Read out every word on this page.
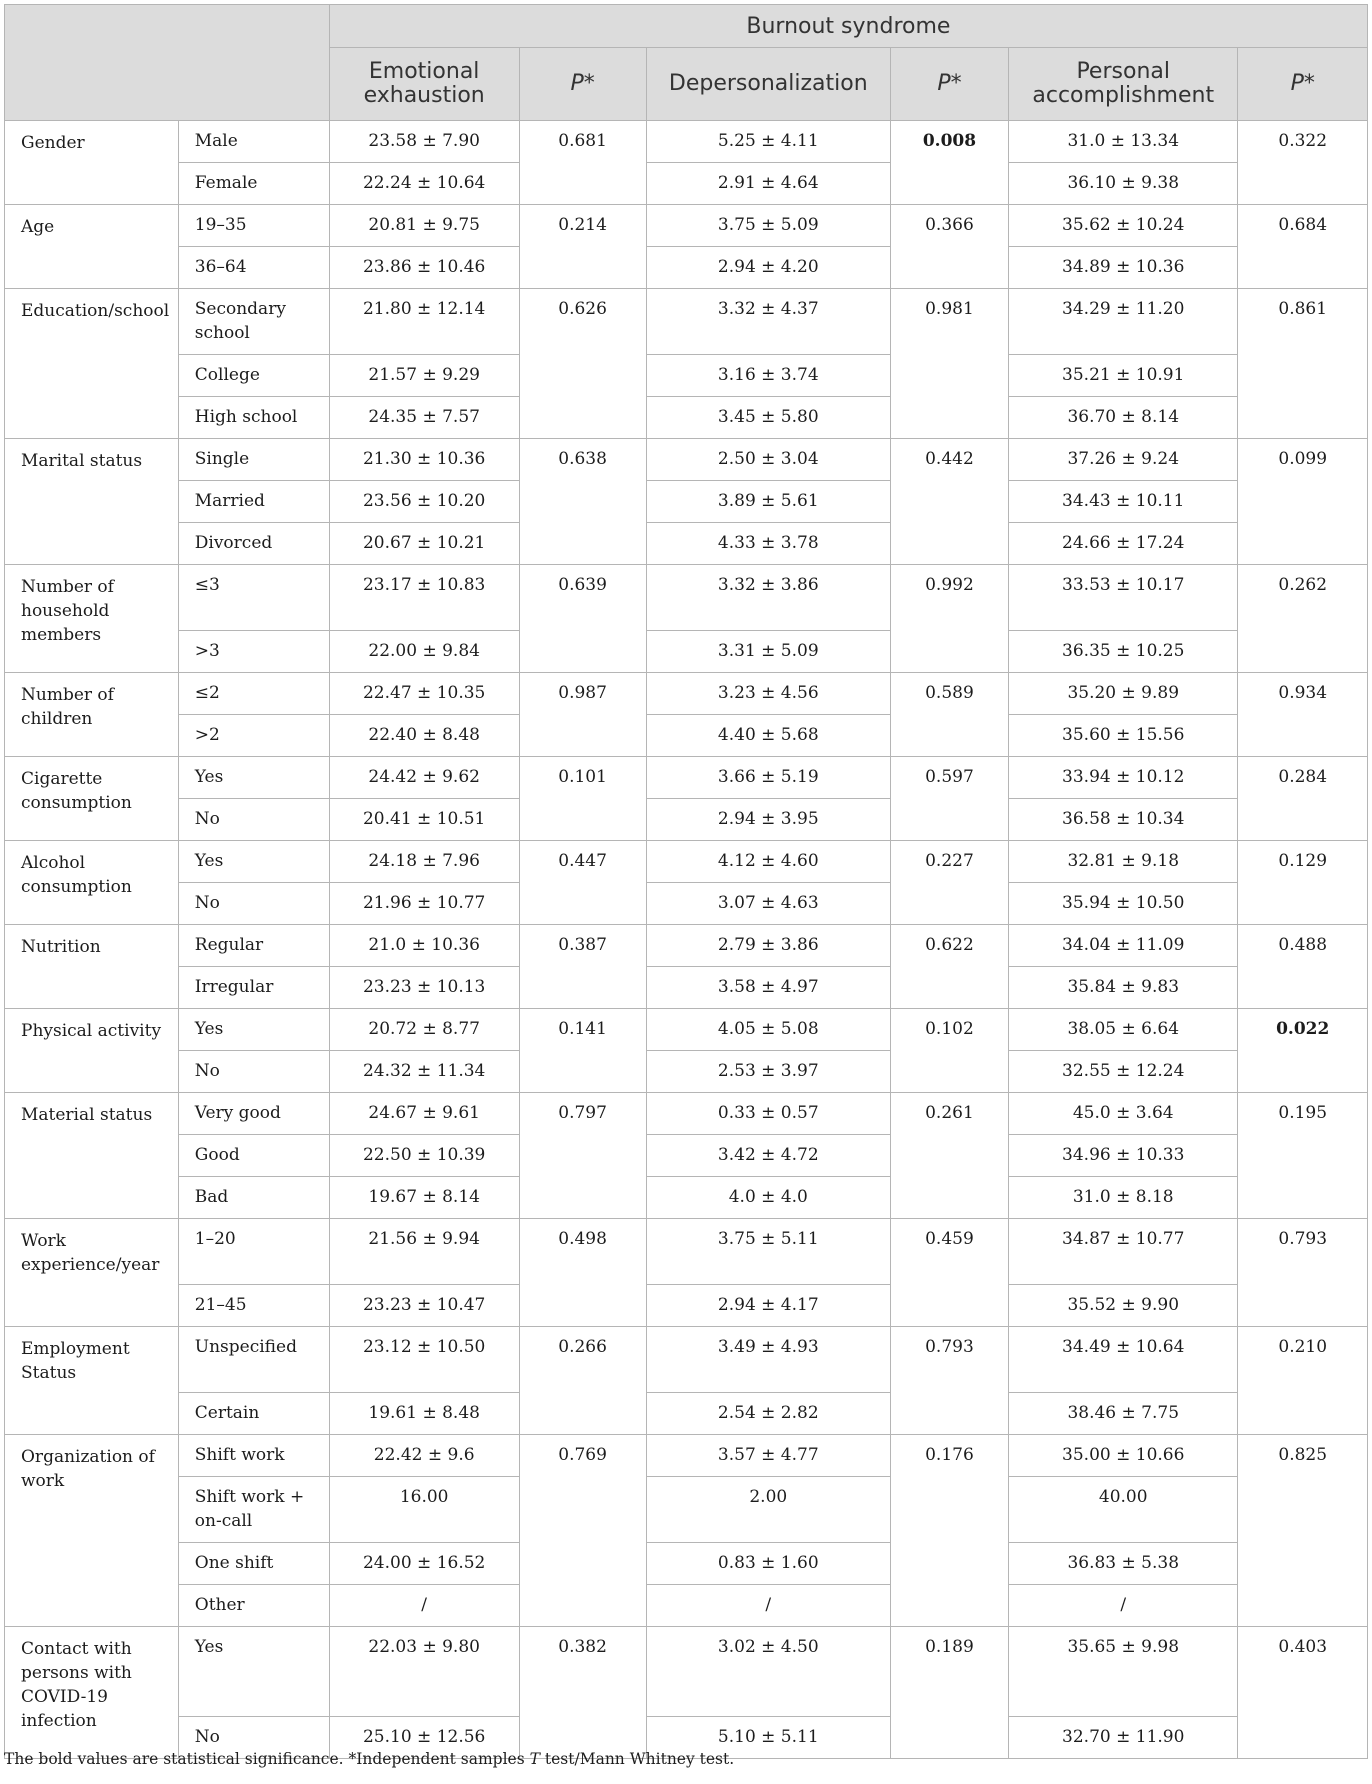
		Burnout syndrome					
		Emotional exhaustion	P*	Depersonalization	P*	Personal accomplishment	P*
Gender	Male	23.58 ± 7.90	0.681	5.25 ± 4.11	0.008	31.0 ± 13.34	0.322
	Female	22.24 ± 10.64		2.91 ± 4.64		36.10 ± 9.38	
Age	19–35	20.81 ± 9.75	0.214	3.75 ± 5.09	0.366	35.62 ± 10.24	0.684
	36–64	23.86 ± 10.46		2.94 ± 4.20		34.89 ± 10.36	
Education/school	Secondary school	21.80 ± 12.14	0.626	3.32 ± 4.37	0.981	34.29 ± 11.20	0.861
	College	21.57 ± 9.29		3.16 ± 3.74		35.21 ± 10.91	
	High school	24.35 ± 7.57		3.45 ± 5.80		36.70 ± 8.14	
Marital status	Single	21.30 ± 10.36	0.638	2.50 ± 3.04	0.442	37.26 ± 9.24	0.099
	Married	23.56 ± 10.20		3.89 ± 5.61		34.43 ± 10.11	
	Divorced	20.67 ± 10.21		4.33 ± 3.78		24.66 ± 17.24	
Number of household members	≤3	23.17 ± 10.83	0.639	3.32 ± 3.86	0.992	33.53 ± 10.17	0.262
	>3	22.00 ± 9.84		3.31 ± 5.09		36.35 ± 10.25	
Number of children	≤2	22.47 ± 10.35	0.987	3.23 ± 4.56	0.589	35.20 ± 9.89	0.934
	>2	22.40 ± 8.48		4.40 ± 5.68		35.60 ± 15.56	
Cigarette consumption	Yes	24.42 ± 9.62	0.101	3.66 ± 5.19	0.597	33.94 ± 10.12	0.284
	No	20.41 ± 10.51		2.94 ± 3.95		36.58 ± 10.34	
Alcohol consumption	Yes	24.18 ± 7.96	0.447	4.12 ± 4.60	0.227	32.81 ± 9.18	0.129
	No	21.96 ± 10.77		3.07 ± 4.63		35.94 ± 10.50	
Nutrition	Regular	21.0 ± 10.36	0.387	2.79 ± 3.86	0.622	34.04 ± 11.09	0.488
	Irregular	23.23 ± 10.13		3.58 ± 4.97		35.84 ± 9.83	
Physical activity	Yes	20.72 ± 8.77	0.141	4.05 ± 5.08	0.102	38.05 ± 6.64	0.022
	No	24.32 ± 11.34		2.53 ± 3.97		32.55 ± 12.24	
Material status	Very good	24.67 ± 9.61	0.797	0.33 ± 0.57	0.261	45.0 ± 3.64	0.195
	Good	22.50 ± 10.39		3.42 ± 4.72		34.96 ± 10.33	
	Bad	19.67 ± 8.14		4.0 ± 4.0		31.0 ± 8.18	
Work experience/year	1–20	21.56 ± 9.94	0.498	3.75 ± 5.11	0.459	34.87 ± 10.77	0.793
	21–45	23.23 ± 10.47		2.94 ± 4.17		35.52 ± 9.90	
Employment Status	Unspecified	23.12 ± 10.50	0.266	3.49 ± 4.93	0.793	34.49 ± 10.64	0.210
	Certain	19.61 ± 8.48		2.54 ± 2.82		38.46 ± 7.75	
Organization of work	Shift work	22.42 ± 9.6	0.769	3.57 ± 4.77	0.176	35.00 ± 10.66	0.825
	Shift work + on-call	16.00		2.00		40.00	
	One shift	24.00 ± 16.52		0.83 ± 1.60		36.83 ± 5.38	
	Other	/		/		/	
Contact with persons with COVID-19 infection	Yes	22.03 ± 9.80	0.382	3.02 ± 4.50	0.189	35.65 ± 9.98	0.403
	No	25.10 ± 12.56		5.10 ± 5.11		32.70 ± 11.90	
The bold values are statistical significance. *Independent samples T test/Mann Whitney test.
